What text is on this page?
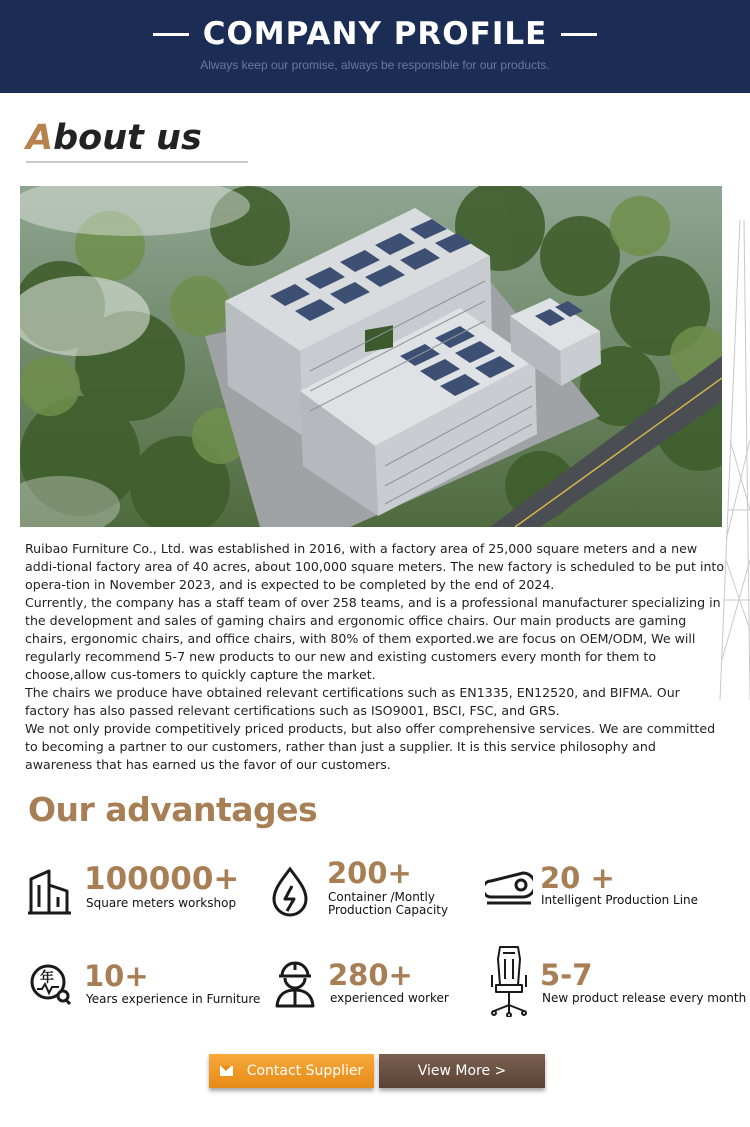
COMPANY PROFILE
Always keep our promise, always be responsible for our products.
About us

Ruibao Furniture Co., Ltd. was established in 2016, with a factory area of 25,000 square meters and a new addi-tional factory area of 40 acres, about 100,000 square meters. The new factory is scheduled to be put into opera-tion in November 2023, and is expected to be completed by the end of 2024.

Currently, the company has a staff team of over 258 teams, and is a professional manufacturer specializing in the development and sales of gaming chairs and ergonomic office chairs. Our main products are gaming chairs, ergonomic chairs, and office chairs, with 80% of them exported.we are focus on OEM/ODM, We will regularly recommend 5-7 new products to our new and existing customers every month for them to choose,allow cus-tomers to quickly capture the market.

The chairs we produce have obtained relevant certifications such as EN1335, EN12520, and BIFMA. Our factory has also passed relevant certifications such as ISO9001, BSCI, FSC, and GRS.

We not only provide competitively priced products, but also offer comprehensive services. We are committed to becoming a partner to our customers, rather than just a supplier. It is this service philosophy and awareness that has earned us the favor of our customers.

Our advantages
100000+
Square meters workshop
200+
Container /Montly
Production Capacity
20 +
Intelligent Production Line
年 10+
Years experience in Furniture
280+
experienced worker
5-7
New product release every month
Contact Supplier	View More >
